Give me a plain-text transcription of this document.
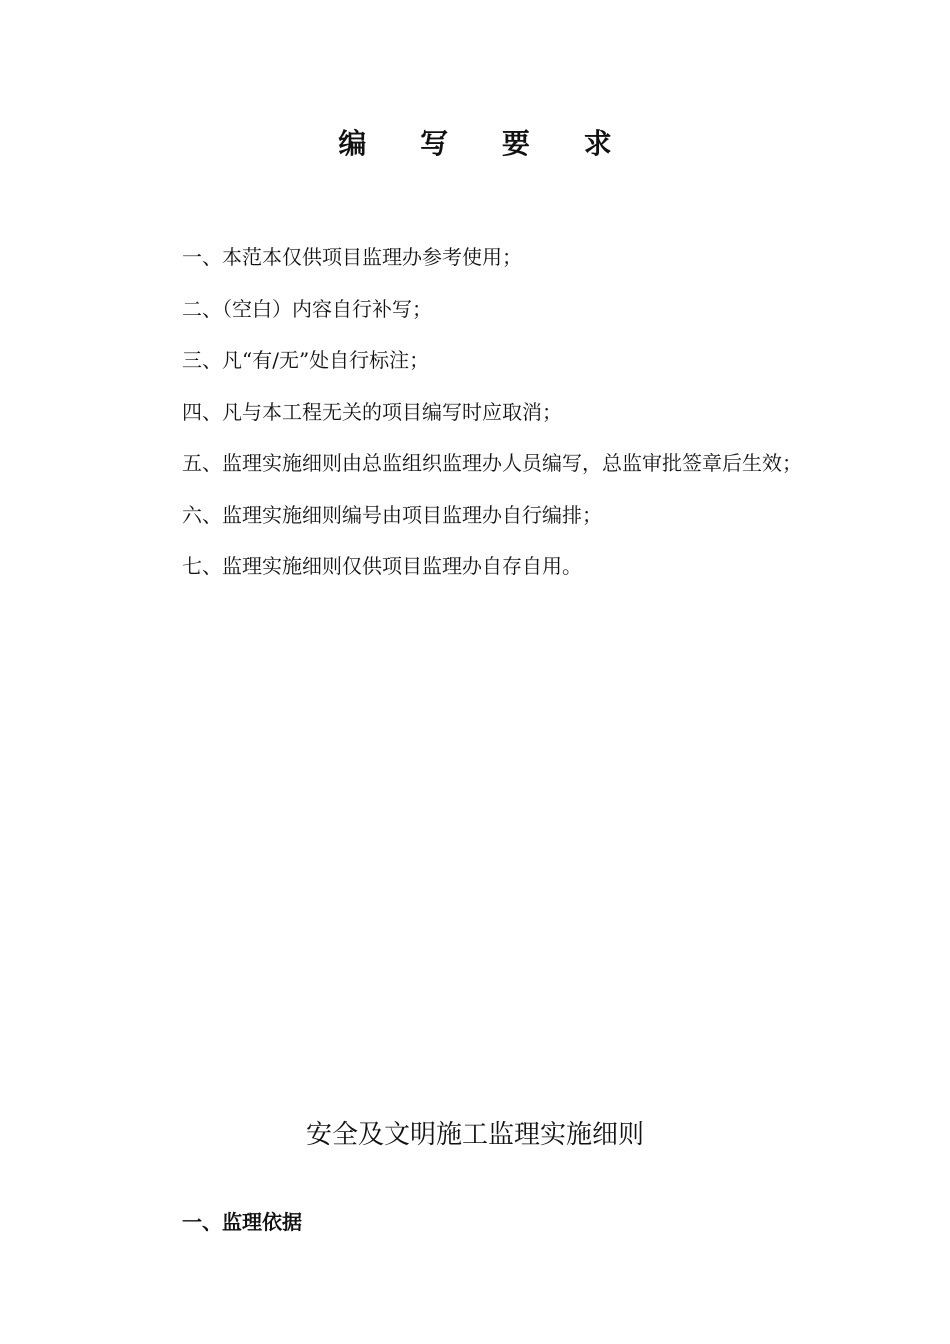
编 写 要 求
一、本范本仅供项目监理办参考使用；
二、（空白）内容自行补写；
三、凡“有/无”处自行标注；
四、凡与本工程无关的项目编写时应取消；
五、监理实施细则由总监组织监理办人员编写，总监审批签章后生效；
六、监理实施细则编号由项目监理办自行编排；
七、监理实施细则仅供项目监理办自存自用。
安全及文明施工监理实施细则
一、监理依据
